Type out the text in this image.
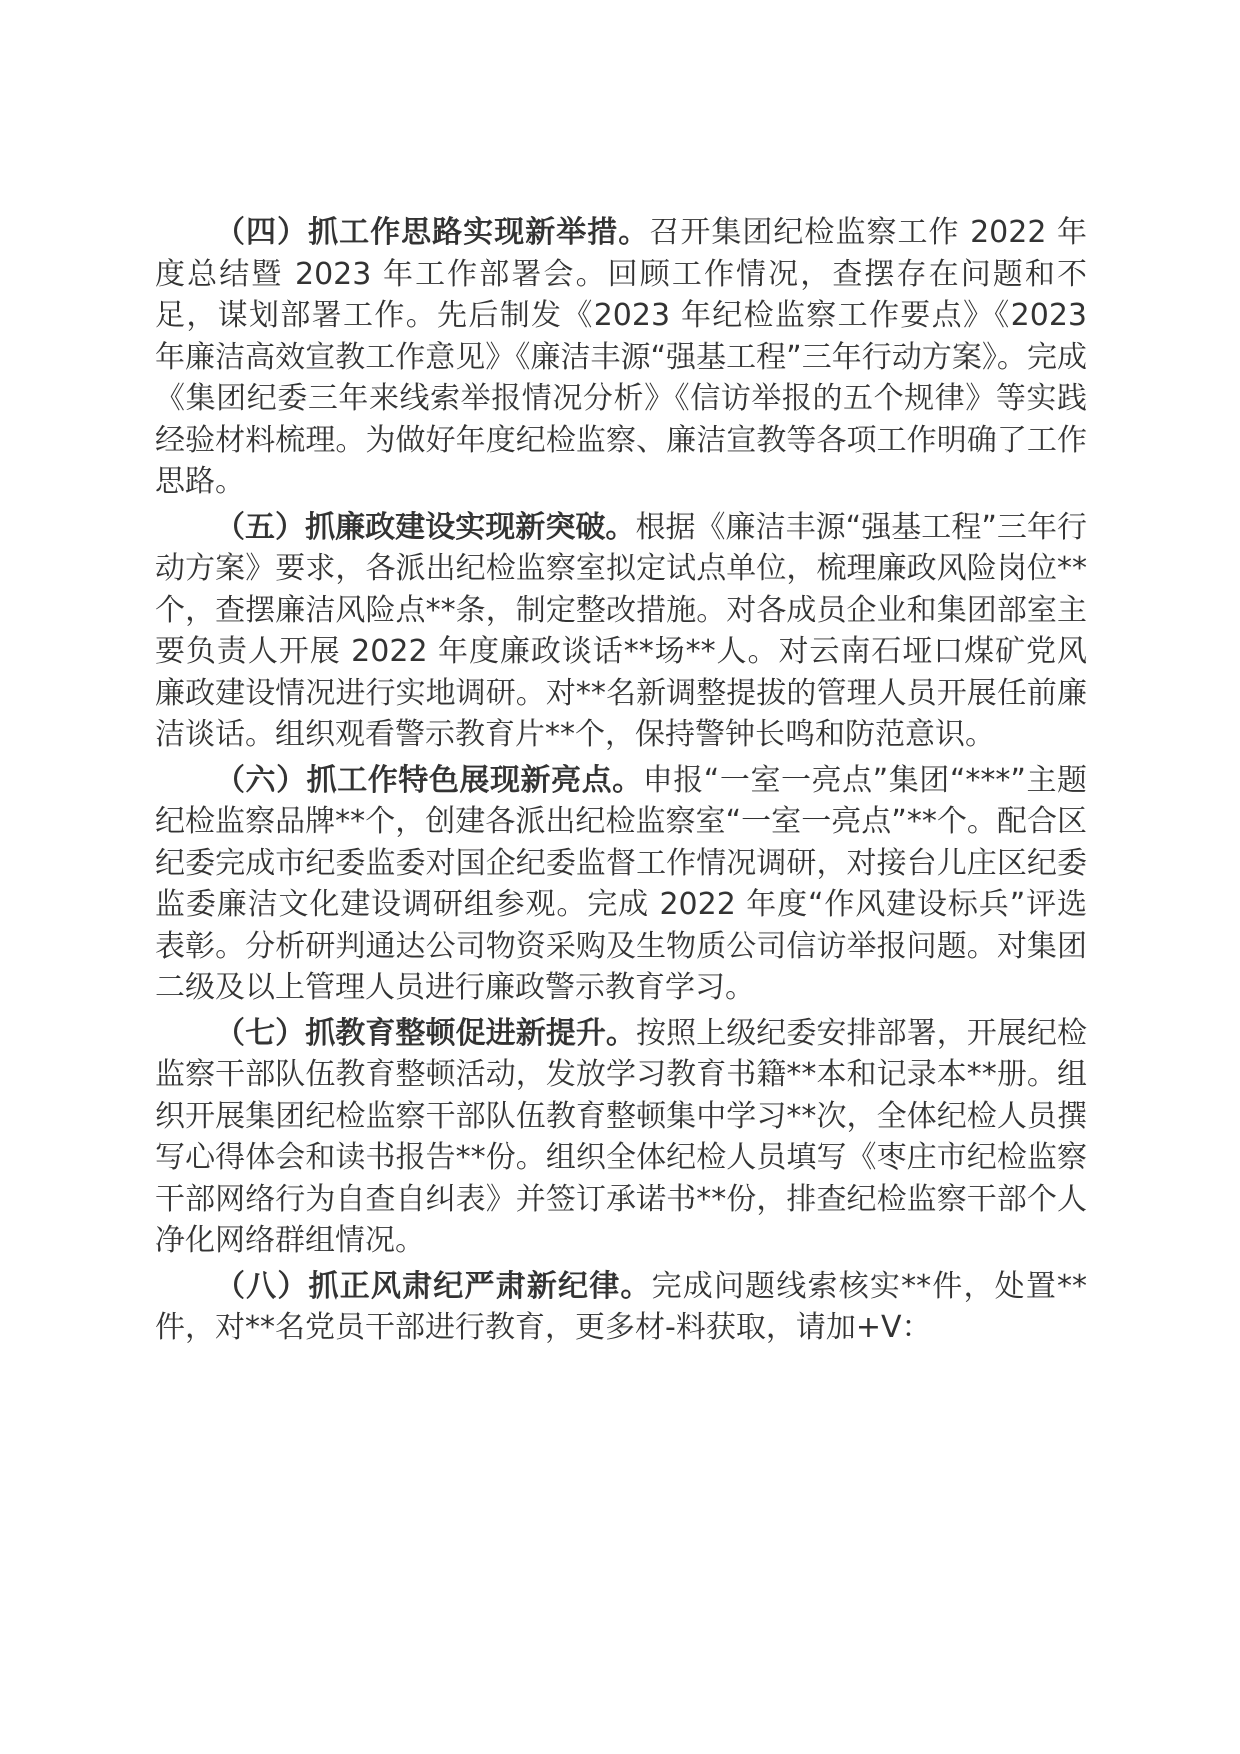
（四）抓工作思路实现新举措。召开集团纪检监察工作 2022 年度总结暨 2023 年工作部署会。回顾工作情况，查摆存在问题和不足，谋划部署工作。先后制发《2023 年纪检监察工作要点》《2023 年廉洁高效宣教工作意见》《廉洁丰源“强基工程”三年行动方案》。完成《集团纪委三年来线索举报情况分析》《信访举报的五个规律》等实践经验材料梳理。为做好年度纪检监察、廉洁宣教等各项工作明确了工作思路。

（五）抓廉政建设实现新突破。根据《廉洁丰源“强基工程”三年行动方案》要求，各派出纪检监察室拟定试点单位，梳理廉政风险岗位**个，查摆廉洁风险点**条，制定整改措施。对各成员企业和集团部室主要负责人开展 2022 年度廉政谈话**场**人。对云南石垭口煤矿党风廉政建设情况进行实地调研。对**名新调整提拔的管理人员开展任前廉洁谈话。组织观看警示教育片**个，保持警钟长鸣和防范意识。

（六）抓工作特色展现新亮点。申报“一室一亮点”集团“***”主题纪检监察品牌**个，创建各派出纪检监察室“一室一亮点”**个。配合区纪委完成市纪委监委对国企纪委监督工作情况调研，对接台儿庄区纪委监委廉洁文化建设调研组参观。完成 2022 年度“作风建设标兵”评选表彰。分析研判通达公司物资采购及生物质公司信访举报问题。对集团二级及以上管理人员进行廉政警示教育学习。

（七）抓教育整顿促进新提升。按照上级纪委安排部署，开展纪检监察干部队伍教育整顿活动，发放学习教育书籍**本和记录本**册。组织开展集团纪检监察干部队伍教育整顿集中学习**次，全体纪检人员撰写心得体会和读书报告**份。组织全体纪检人员填写《枣庄市纪检监察干部网络行为自查自纠表》并签订承诺书**份，排查纪检监察干部个人净化网络群组情况。

（八）抓正风肃纪严肃新纪律。完成问题线索核实**件，处置**件，对**名党员干部进行教育，更多材-料获取，请加+V：
